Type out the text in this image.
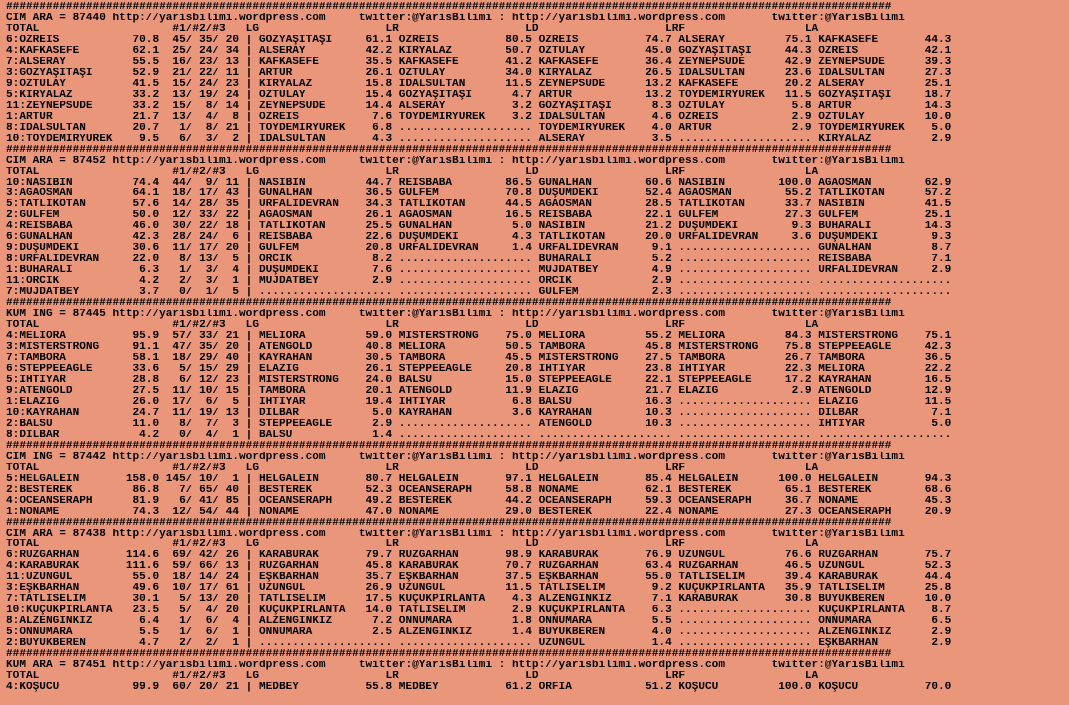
#####################################################################################################################################
CIM ARA = 87440 http://yarisbilimi.wordpress.com     twitter:@YarisBilimi : http://yarisbilimi.wordpress.com       twitter:@YarisBilimi
TOTAL                    #1/#2/#3   LG                   LR                   LD                   LRF                  LA
6:ÖZREİS           70.8  45/ 35/ 20 | GÖZYAŞITAŞI     61.1 ÖZREİS          80.5 ÖZREİS          74.7 ALSERAY         75.1 KAFKASEFE       44.3
4:KAFKASEFE        62.1  25/ 24/ 34 | ALSERAY         42.2 KIRYALAZ        50.7 ÖZTÜLAY         45.0 GÖZYAŞITAŞI     44.3 ÖZREİS          42.1
7:ALSERAY          55.5  16/ 23/ 13 | KAFKASEFE       35.5 KAFKASEFE       41.2 KAFKASEFE       36.4 ZEYNEPSUDE      42.9 ZEYNEPSUDE      39.3
3:GÖZYAŞITAŞI      52.9  21/ 22/ 11 | ARTUR           26.1 ÖZTÜLAY         34.0 KIRYALAZ        26.5 İDALSULTAN      23.6 İDALSULTAN      27.3
9:ÖZTÜLAY          41.5  15/ 24/ 23 | KIRYALAZ        15.8 İDALSULTAN      11.5 ZEYNEPSUDE      13.2 KAFKASEFE       20.2 ALSERAY         25.1
5:KIRYALAZ         33.2  13/ 19/ 24 | ÖZTÜLAY         15.4 GÖZYAŞITAŞI      4.7 ARTUR           13.2 TOYDEMİRYÜREK   11.5 GÖZYAŞITAŞI     18.7
11:ZEYNEPSUDE      33.2  15/  8/ 14 | ZEYNEPSUDE      14.4 ALSERAY          3.2 GÖZYAŞITAŞI      8.3 ÖZTÜLAY          5.8 ARTUR           14.3
1:ARTUR            21.7  13/  4/  8 | ÖZREİS           7.6 TOYDEMİRYÜREK    3.2 İDALSULTAN       4.6 ÖZREİS           2.9 ÖZTÜLAY         10.0
8:İDALSULTAN       20.7   1/  8/ 21 | TOYDEMİRYÜREK    6.8 .................... TOYDEMİRYÜREK    4.0 ARTUR            2.9 TOYDEMİRYÜREK    5.0
10:TOYDEMİRYÜREK    9.5   6/  3/  2 | İDALSULTAN       4.3 .................... ALSERAY          3.5 .................... KIRYALAZ         2.9
#####################################################################################################################################
CIM ARA = 87452 http://yarisbilimi.wordpress.com     twitter:@YarisBilimi : http://yarisbilimi.wordpress.com       twitter:@YarisBilimi
TOTAL                    #1/#2/#3   LG                   LR                   LD                   LRF                  LA
10:NASİBİN         74.4  44/  9/ 11 | NASİBİN         44.7 REİSBABA        86.5 GÜNALHAN        60.6 NASİBİN        100.0 AĞAOSMAN        62.9
3:AĞAOSMAN         64.1  18/ 17/ 43 | GÜNALHAN        36.5 GÜLFEM          70.8 DÜŞÜMDEKİ       52.4 AĞAOSMAN        55.2 TATLIKOTAN      57.2
5:TATLIKOTAN       57.6  14/ 28/ 35 | URFALİDEVRAN    34.3 TATLIKOTAN      44.5 AĞAOSMAN        28.5 TATLIKOTAN      33.7 NASİBİN         41.5
2:GÜLFEM           50.0  12/ 33/ 22 | AĞAOSMAN        26.1 AĞAOSMAN        16.5 REİSBABA        22.1 GÜLFEM          27.3 GÜLFEM          25.1
4:REİSBABA         46.0  30/ 22/ 18 | TATLIKOTAN      25.5 GÜNALHAN         5.0 NASİBİN         21.2 DÜŞÜMDEKİ        9.3 BUHARALI        14.3
6:GÜNALHAN         42.3  28/ 24/  6 | REİSBABA        22.6 DÜŞÜMDEKİ        4.3 TATLIKOTAN      20.0 URFALİDEVRAN     3.6 DÜŞÜMDEKİ        9.3
9:DÜŞÜMDEKİ        30.6  11/ 17/ 20 | GÜLFEM          20.8 URFALİDEVRAN     1.4 URFALİDEVRAN     9.1 .................... GÜNALHAN         8.7
8:URFALİDEVRAN     22.0   8/ 13/  5 | ORCİK            8.2 .................... BUHARALI         5.2 .................... REİSBABA         7.1
1:BUHARALI          6.3   1/  3/  4 | DÜŞÜMDEKİ        7.6 .................... MÜJDATBEY        4.9 .................... URFALİDEVRAN     2.9
11:ORCİK            4.2   2/  3/  1 | MÜJDATBEY        2.9 .................... ORCİK            2.9 .................... ....................
7:MÜJDATBEY         3.7   0/  1/  5 | .................... .................... GÜLFEM           2.3 .................... ....................
#####################################################################################################################################
KUM İNG = 87445 http://yarisbilimi.wordpress.com     twitter:@YarisBilimi : http://yarisbilimi.wordpress.com       twitter:@YarisBilimi
TOTAL                    #1/#2/#3   LG                   LR                   LD                   LRF                  LA
4:MELİORA          95.9  57/ 33/ 21 | MELİORA         59.0 MİSTERSTRONG    75.0 MELİORA         55.2 MELİORA         84.3 MİSTERSTRONG    75.1
3:MİSTERSTRONG     91.1  47/ 35/ 20 | ATENGOLD        40.8 MELİORA         50.5 TAMBORA         45.8 MİSTERSTRONG    75.8 STEPPEEAGLE     42.3
7:TAMBORA          58.1  18/ 29/ 40 | KAYRAHAN        30.5 TAMBORA         45.5 MİSTERSTRONG    27.5 TAMBORA         26.7 TAMBORA         36.5
6:STEPPEEAGLE      33.6   5/ 15/ 29 | ELAZIĞ          26.1 STEPPEEAGLE     20.8 İHTİYAR         23.8 İHTİYAR         22.3 MELİORA         22.2
5:İHTİYAR          28.8   6/ 12/ 23 | MİSTERSTRONG    24.0 BALSU           15.0 STEPPEEAGLE     22.1 STEPPEEAGLE     17.2 KAYRAHAN        16.5
9:ATENGOLD         27.5  11/ 10/ 15 | TAMBORA         20.1 ATENGOLD        11.9 ELAZIĞ          21.7 ELAZIĞ           2.9 ATENGOLD        12.9
1:ELAZIĞ           26.0  17/  6/  5 | İHTİYAR         19.4 İHTİYAR          6.8 BALSU           16.3 .................... ELAZIĞ          11.5
10:KAYRAHAN        24.7  11/ 19/ 13 | DİLBAR           5.0 KAYRAHAN         3.6 KAYRAHAN        10.3 .................... DİLBAR           7.1
2:BALSU            11.0   8/  7/  3 | STEPPEEAGLE      2.9 .................... ATENGOLD        10.3 .................... İHTİYAR          5.0
8:DİLBAR            4.2   0/  4/  1 | BALSU            1.4 .................... .................... .................... ....................
#####################################################################################################################################
CIM İNG = 87442 http://yarisbilimi.wordpress.com     twitter:@YarisBilimi : http://yarisbilimi.wordpress.com       twitter:@YarisBilimi
TOTAL                    #1/#2/#3   LG                   LR                   LD                   LRF                  LA
5:HELGALEİN       158.0 145/ 10/  1 | HELGALEİN       80.7 HELGALEİN       97.1 HELGALEİN       85.4 HELGALEİN      100.0 HELGALEİN       94.3
2:BESTEREK         86.8   7/ 65/ 40 | BESTEREK        52.3 OCEANSERAPH     58.8 NONAME          62.1 BESTEREK        65.1 BESTEREK        68.6
4:OCEANSERAPH      81.9   6/ 41/ 85 | OCEANSERAPH     49.2 BESTEREK        44.2 OCEANSERAPH     59.3 OCEANSERAPH     36.7 NONAME          45.3
1:NONAME           74.3  12/ 54/ 44 | NONAME          47.0 NONAME          29.0 BESTEREK        22.4 NONAME          27.3 OCEANSERAPH     20.9
#####################################################################################################################################
CIM ARA = 87438 http://yarisbilimi.wordpress.com     twitter:@YarisBilimi : http://yarisbilimi.wordpress.com       twitter:@YarisBilimi
TOTAL                    #1/#2/#3   LG                   LR                   LD                   LRF                  LA
6:RÜZGARHAN       114.6  69/ 42/ 26 | KARABURAK       79.7 RÜZGARHAN       98.9 KARABURAK       76.9 UZUNGÜL         76.6 RÜZGARHAN       75.7
4:KARABURAK       111.6  59/ 66/ 13 | RÜZGARHAN       45.8 KARABURAK       70.7 RÜZGARHAN       63.4 RÜZGARHAN       46.5 UZUNGÜL         52.3
11:UZUNGÜL         55.0  18/ 14/ 24 | EŞKBARHAN       35.7 EŞKBARHAN       37.5 EŞKBARHAN       55.0 TATLISELİM      39.4 KARABURAK       44.4
3:EŞKBARHAN        49.6  10/ 17/ 61 | UZUNGÜL         26.9 UZUNGÜL         11.5 TATLISELİM       9.2 KÜÇÜKPIRLANTA   35.9 TATLISELİM      25.8
7:TATLISELİM       30.1   5/ 13/ 20 | TATLISELİM      17.5 KÜÇÜKPIRLANTA    4.3 ALZENGİNKİZ      7.1 KARABURAK       30.8 BÜYÜKBEREN      10.0
10:KÜÇÜKPIRLANTA   23.5   5/  4/ 20 | KÜÇÜKPIRLANTA   14.0 TATLISELİM       2.9 KÜÇÜKPIRLANTA    6.3 .................... KÜÇÜKPIRLANTA    8.7
8:ALZENGİNKİZ       6.4   1/  6/  4 | ALZENGİNKİZ      7.2 ONNUMARA         1.8 ONNUMARA         5.5 .................... ONNUMARA         6.5
5:ONNUMARA          5.5   1/  6/  1 | ONNUMARA         2.5 ALZENGİNKİZ      1.4 BÜYÜKBEREN       4.0 .................... ALZENGİNKİZ      2.9
2:BÜYÜKBEREN        4.7   2/  2/  1 | .................... .................... UZUNGÜL          1.4 .................... EŞKBARHAN        2.9
#####################################################################################################################################
KUM ARA = 87451 http://yarisbilimi.wordpress.com     twitter:@YarisBilimi : http://yarisbilimi.wordpress.com       twitter:@YarisBilimi
TOTAL                    #1/#2/#3   LG                   LR                   LD                   LRF                  LA
4:KOŞUCU           99.9  60/ 20/ 21 | MEDBEY          55.8 MEDBEY          61.2 ORFİA           51.2 KOŞUCU         100.0 KOŞUCU          70.0
